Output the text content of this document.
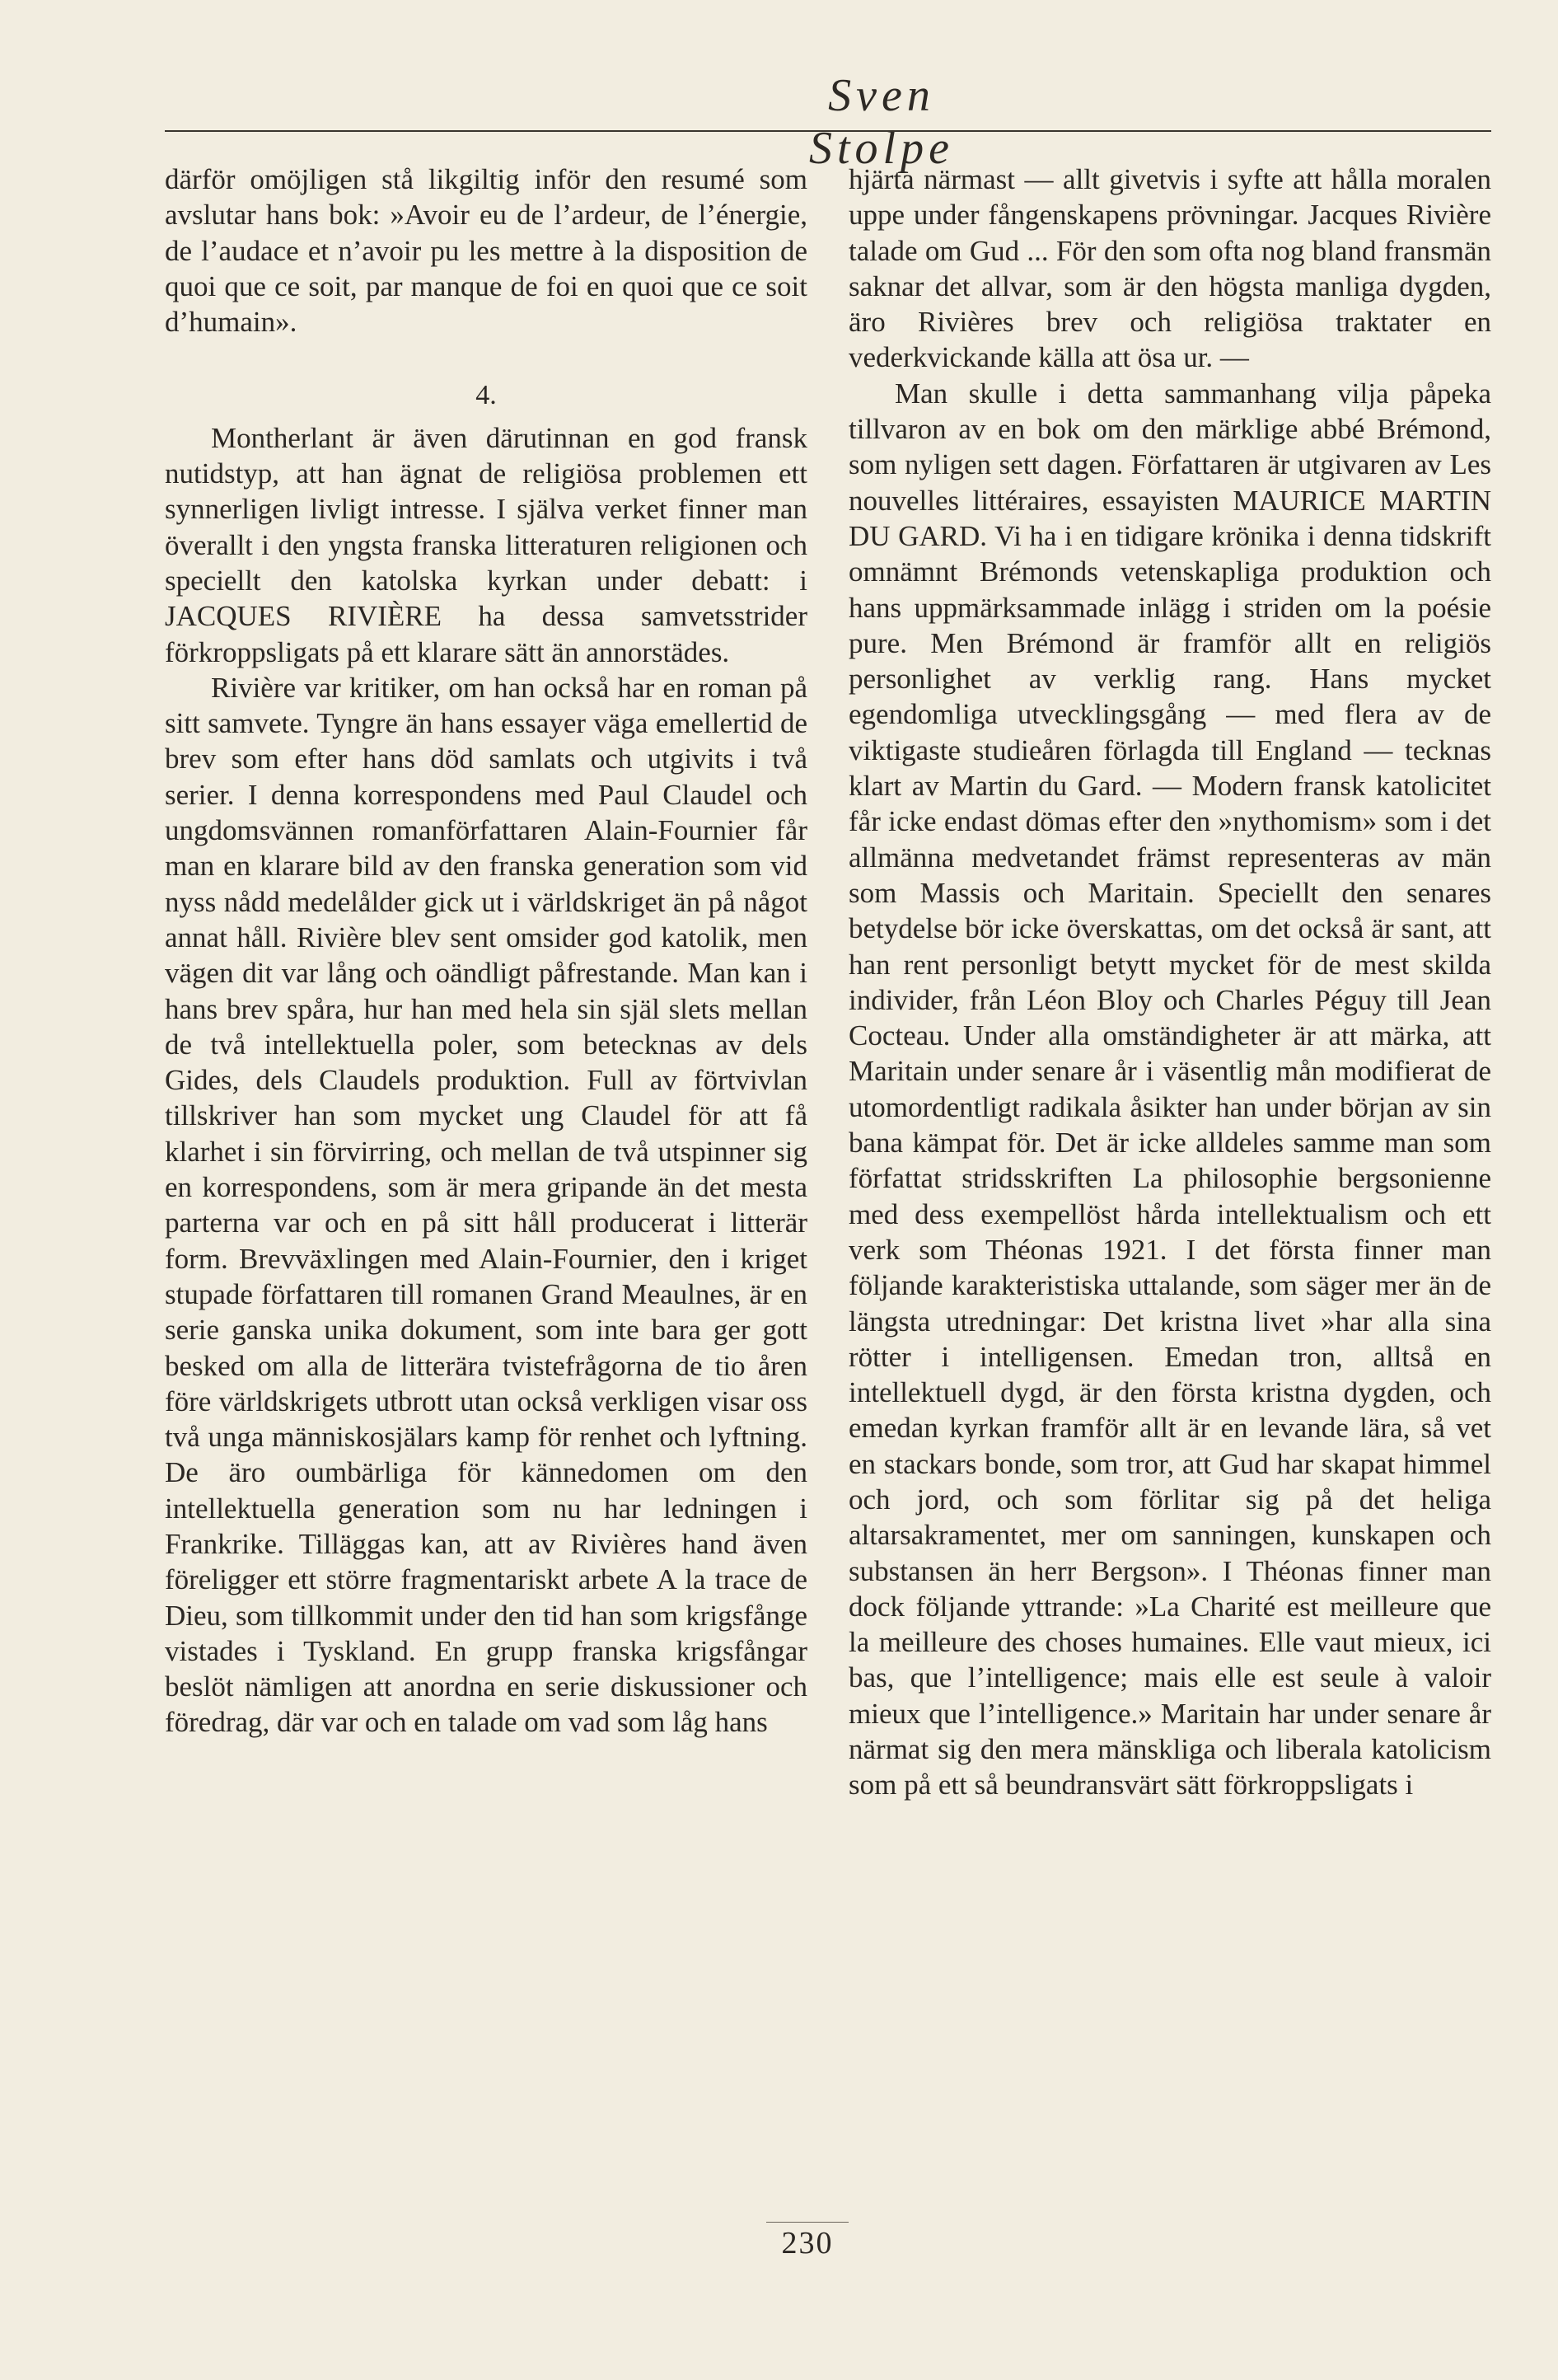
Sven Stolpe

därför omöjligen stå likgiltig inför den resumé som avslutar hans bok: »Avoir eu de l’ardeur, de l’énergie, de l’audace et n’avoir pu les mettre à la disposition de quoi que ce soit, par manque de foi en quoi que ce soit d’humain».

4.

Montherlant är även därutinnan en god fransk nutidstyp, att han ägnat de religiösa problemen ett synnerligen livligt intresse. I själva verket finner man överallt i den yngsta franska litteraturen religionen och speciellt den katolska kyrkan under debatt: i JACQUES RIVIÈRE ha dessa samvetsstrider förkroppsligats på ett klarare sätt än annorstädes.

Rivière var kritiker, om han också har en roman på sitt samvete. Tyngre än hans essayer väga emellertid de brev som efter hans död samlats och utgivits i två serier. I denna korrespondens med Paul Claudel och ungdomsvännen romanförfattaren Alain-Fournier får man en klarare bild av den franska generation som vid nyss nådd medelålder gick ut i världskriget än på något annat håll. Rivière blev sent omsider god katolik, men vägen dit var lång och oändligt påfrestande. Man kan i hans brev spåra, hur han med hela sin själ slets mellan de två intellektuella poler, som betecknas av dels Gides, dels Claudels produktion. Full av förtvivlan tillskriver han som mycket ung Claudel för att få klarhet i sin förvirring, och mellan de två utspinner sig en korrespondens, som är mera gripande än det mesta parterna var och en på sitt håll producerat i litterär form. Brevväxlingen med Alain-Fournier, den i kriget stupade författaren till romanen Grand Meaulnes, är en serie ganska unika dokument, som inte bara ger gott besked om alla de litterära tvistefrågorna de tio åren före världskrigets utbrott utan också verkligen visar oss två unga människosjälars kamp för renhet och lyftning. De äro oumbärliga för kännedomen om den intellektuella generation som nu har ledningen i Frankrike. Tilläggas kan, att av Rivières hand även föreligger ett större fragmentariskt arbete A la trace de Dieu, som tillkommit under den tid han som krigsfånge vistades i Tyskland. En grupp franska krigsfångar beslöt nämligen att anordna en serie diskussioner och föredrag, där var och en talade om vad som låg hans

hjärta närmast — allt givetvis i syfte att hålla moralen uppe under fångenskapens prövningar. Jacques Rivière talade om Gud ... För den som ofta nog bland fransmän saknar det allvar, som är den högsta manliga dygden, äro Rivières brev och religiösa traktater en vederkvickande källa att ösa ur. —

Man skulle i detta sammanhang vilja påpeka tillvaron av en bok om den märklige abbé Brémond, som nyligen sett dagen. Författaren är utgivaren av Les nouvelles littéraires, essayisten MAURICE MARTIN DU GARD. Vi ha i en tidigare krönika i denna tidskrift omnämnt Brémonds vetenskapliga produktion och hans uppmärksammade inlägg i striden om la poésie pure. Men Brémond är framför allt en religiös personlighet av verklig rang. Hans mycket egendomliga utvecklingsgång — med flera av de viktigaste studieåren förlagda till England — tecknas klart av Martin du Gard. — Modern fransk katolicitet får icke endast dömas efter den »nythomism» som i det allmänna medvetandet främst representeras av män som Massis och Maritain. Speciellt den senares betydelse bör icke överskattas, om det också är sant, att han rent personligt betytt mycket för de mest skilda individer, från Léon Bloy och Charles Péguy till Jean Cocteau. Under alla omständigheter är att märka, att Maritain under senare år i väsentlig mån modifierat de utomordentligt radikala åsikter han under början av sin bana kämpat för. Det är icke alldeles samme man som författat stridsskriften La philosophie bergsonienne med dess exempellöst hårda intellektualism och ett verk som Théonas 1921. I det första finner man följande karakteristiska uttalande, som säger mer än de längsta utredningar: Det kristna livet »har alla sina rötter i intelligensen. Emedan tron, alltså en intellektuell dygd, är den första kristna dygden, och emedan kyrkan framför allt är en levande lära, så vet en stackars bonde, som tror, att Gud har skapat himmel och jord, och som förlitar sig på det heliga altarsakramentet, mer om sanningen, kunskapen och substansen än herr Bergson». I Théonas finner man dock följande yttrande: »La Charité est meilleure que la meilleure des choses humaines. Elle vaut mieux, ici bas, que l’intelligence; mais elle est seule à valoir mieux que l’intelligence.» Maritain har under senare år närmat sig den mera mänskliga och liberala katolicism som på ett så beundransvärt sätt förkroppsligats i

230
